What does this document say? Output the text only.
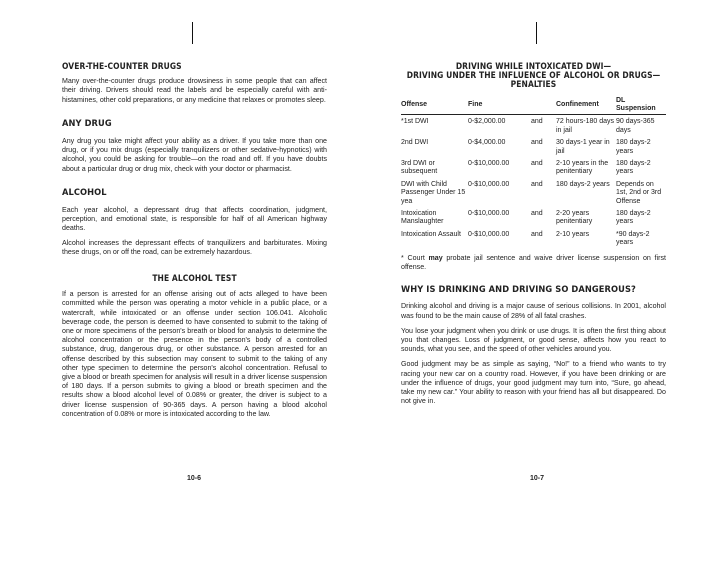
OVER-THE-COUNTER DRUGS

Many over-the-counter drugs produce drowsiness in some people that can affect their driving. Drivers should read the labels and be especially careful with anti-histamines, other cold preparations, or any medicine that relaxes or promotes sleep.

ANY DRUG

Any drug you take might affect your ability as a driver. If you take more than one drug, or if you mix drugs (especially tranquilizers or other sedative-hypnotics) with alcohol, you could be asking for trouble—on the road and off. If you have doubts about a particular drug or drug mix, check with your doctor or pharmacist.

ALCOHOL

Each year alcohol, a depressant drug that affects coordination, judgment, perception, and emotional state, is responsible for half of all American highway deaths.

Alcohol increases the depressant effects of tranquilizers and barbiturates. Mixing these drugs, on or off the road, can be extremely hazardous.

THE ALCOHOL TEST

If a person is arrested for an offense arising out of acts alleged to have been committed while the person was operating a motor vehicle in a public place, or a watercraft, while intoxicated or an offense under section 106.041. Alcoholic beverage code, the person is deemed to have consented to submit to the taking of one or more specimens of the person's breath or blood for analysis to determine the alcohol concentration or the presence in the person's body of a controlled substance, drug, dangerous drug, or other substance. A person arrested for an offense described by this subsection may consent to submit to the taking of any other type specimen to determine the person's alcohol concentration. Refusal to give a blood or breath specimen for analysis will result in a driver license suspension of 180 days. If a person submits to giving a blood or breath specimen and the results show a blood alcohol level of 0.08% or greater, the driver is subject to a driver license suspension of 90-365 days. A person having a blood alcohol concentration of 0.08% or more is intoxicated according to the law.

10-6
DRIVING WHILE INTOXICATED DWI—
DRIVING UNDER THE INFLUENCE OF ALCOHOL OR DRUGS—
PENALTIES
Offense	Fine		Confinement	DL Suspension

*1st DWI	0-$2,000.00	and	72 hours-180 days in jail	90 days-365 days
2nd DWI	0-$4,000.00	and	30 days-1 year in jail	180 days-2 years
3rd DWI or subsequent	0-$10,000.00	and	2-10 years in the penitentiary	180 days-2 years
DWI with Child Passenger Under 15 yea	0-$10,000.00	and	180 days-2 years	Depends on 1st, 2nd or 3rd Offense
Intoxication Manslaughter	0-$10,000.00	and	2-20 years penitentiary	180 days-2 years
Intoxication Assault	0-$10,000.00	and	2-10 years	*90 days-2 years

* Court may probate jail sentence and waive driver license suspension on first offense.

WHY IS DRINKING AND DRIVING SO DANGEROUS?

Drinking alcohol and driving is a major cause of serious collisions. In 2001, alcohol was found to be the main cause of 28% of all fatal crashes.

You lose your judgment when you drink or use drugs. It is often the first thing about you that changes. Loss of judgment, or good sense, affects how you react to sounds, what you see, and the speed of other vehicles around you.

Good judgment may be as simple as saying, “No!” to a friend who wants to try racing your new car on a country road. However, if you have been drinking or are under the influence of drugs, your good judgment may turn into, “Sure, go ahead, take my new car.” Your ability to reason with your friend has all but disappeared. Do not give in.

10-7
